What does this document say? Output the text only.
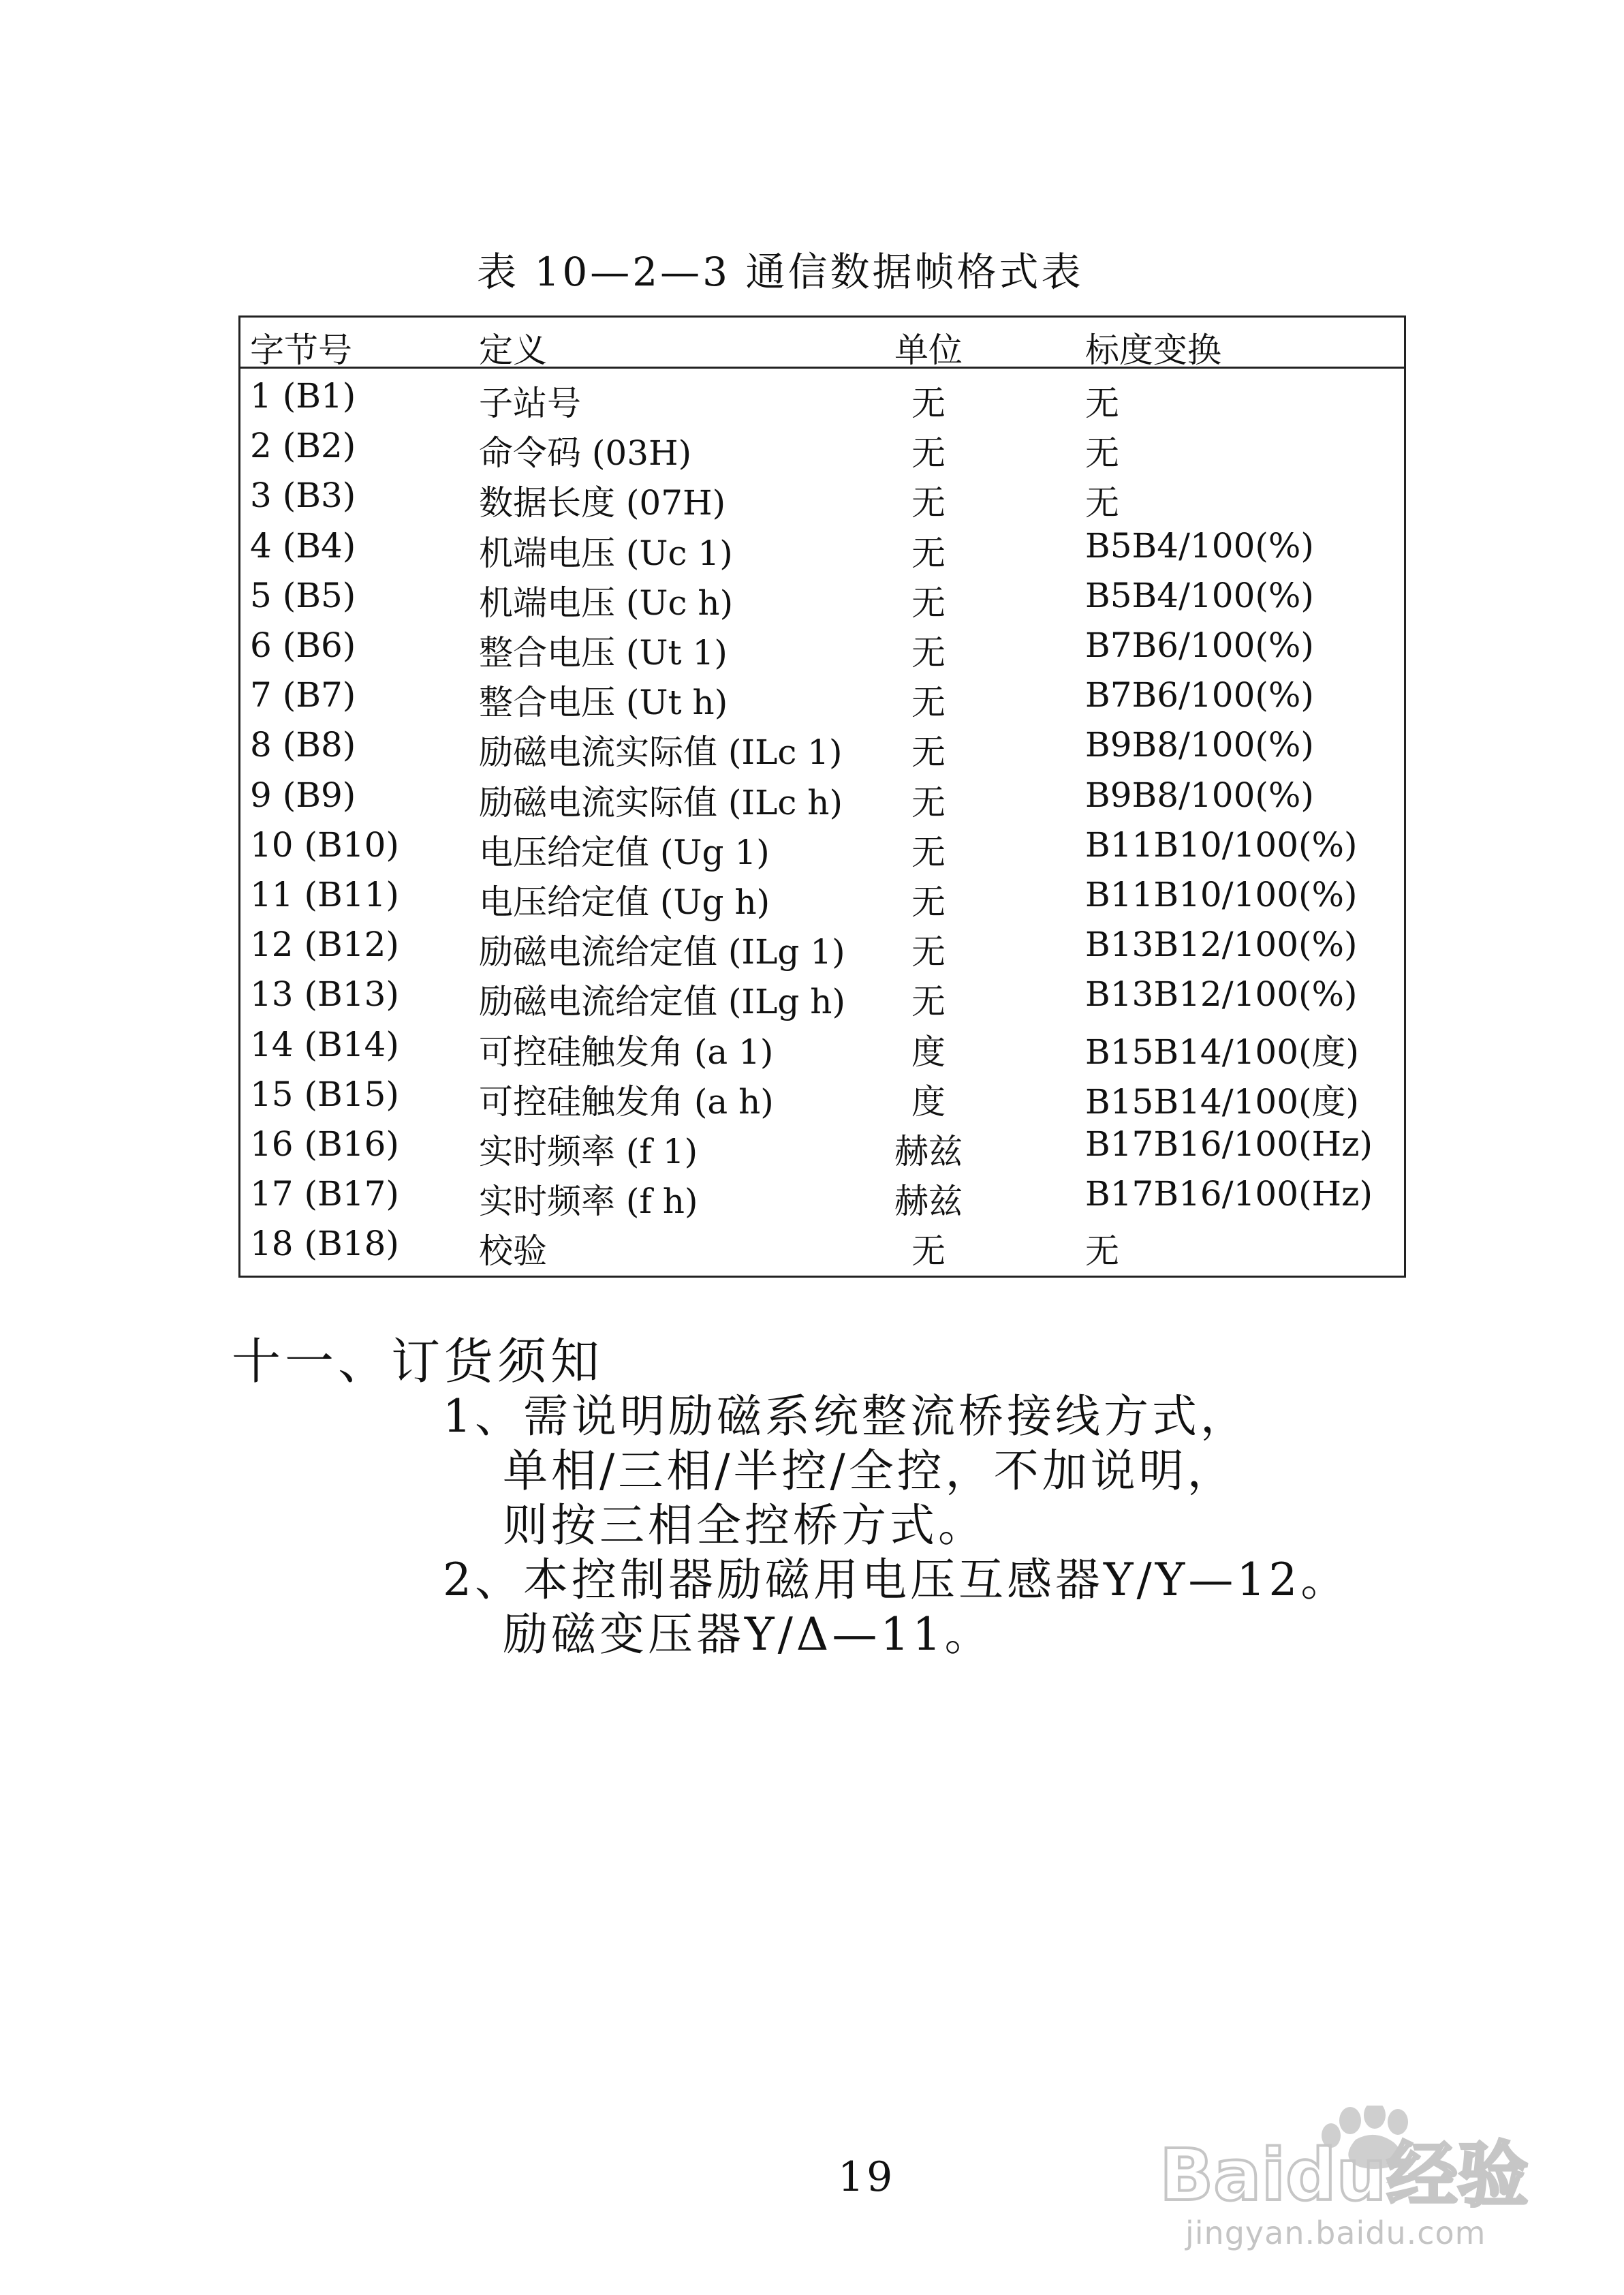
表 10—2—3 通信数据帧格式表
字节号	定义	单位	标度变换
1 (B1)	子站号	无	无
2 (B2)	命令码 (03H)	无	无
3 (B3)	数据长度 (07H)	无	无
4 (B4)	机端电压 (Uc 1)	无	B5B4/100(%)
5 (B5)	机端电压 (Uc h)	无	B5B4/100(%)
6 (B6)	整合电压 (Ut 1)	无	B7B6/100(%)
7 (B7)	整合电压 (Ut h)	无	B7B6/100(%)
8 (B8)	励磁电流实际值 (ILc 1)	无	B9B8/100(%)
9 (B9)	励磁电流实际值 (ILc h)	无	B9B8/100(%)
10 (B10) 电压给定值 (Ug 1)	无	B11B10/100(%)
11 (B11) 电压给定值 (Ug h)	无	B11B10/100(%)
12 (B12) 励磁电流给定值 (ILg 1)	无	B13B12/100(%)
13 (B13) 励磁电流给定值 (ILg h)	无	B13B12/100(%)
14 (B14) 可控硅触发角 (a 1)	度	B15B14/100(度)
15 (B15) 可控硅触发角 (a h)	度	B15B14/100(度)
16 (B16) 实时频率 (f 1)	赫兹	B17B16/100(Hz)
17 (B17) 实时频率 (f h)	赫兹	B17B16/100(Hz)
18 (B18) 校验	无	无
十一、订货须知
1、需说明励磁系统整流桥接线方式，
单相/三相/半控/全控，不加说明，
则按三相全控桥方式。
2、本控制器励磁用电压互感器Y/Y—12。
励磁变压器Y/Δ—11。
19	Baidu经验
jingyan.baidu.com
